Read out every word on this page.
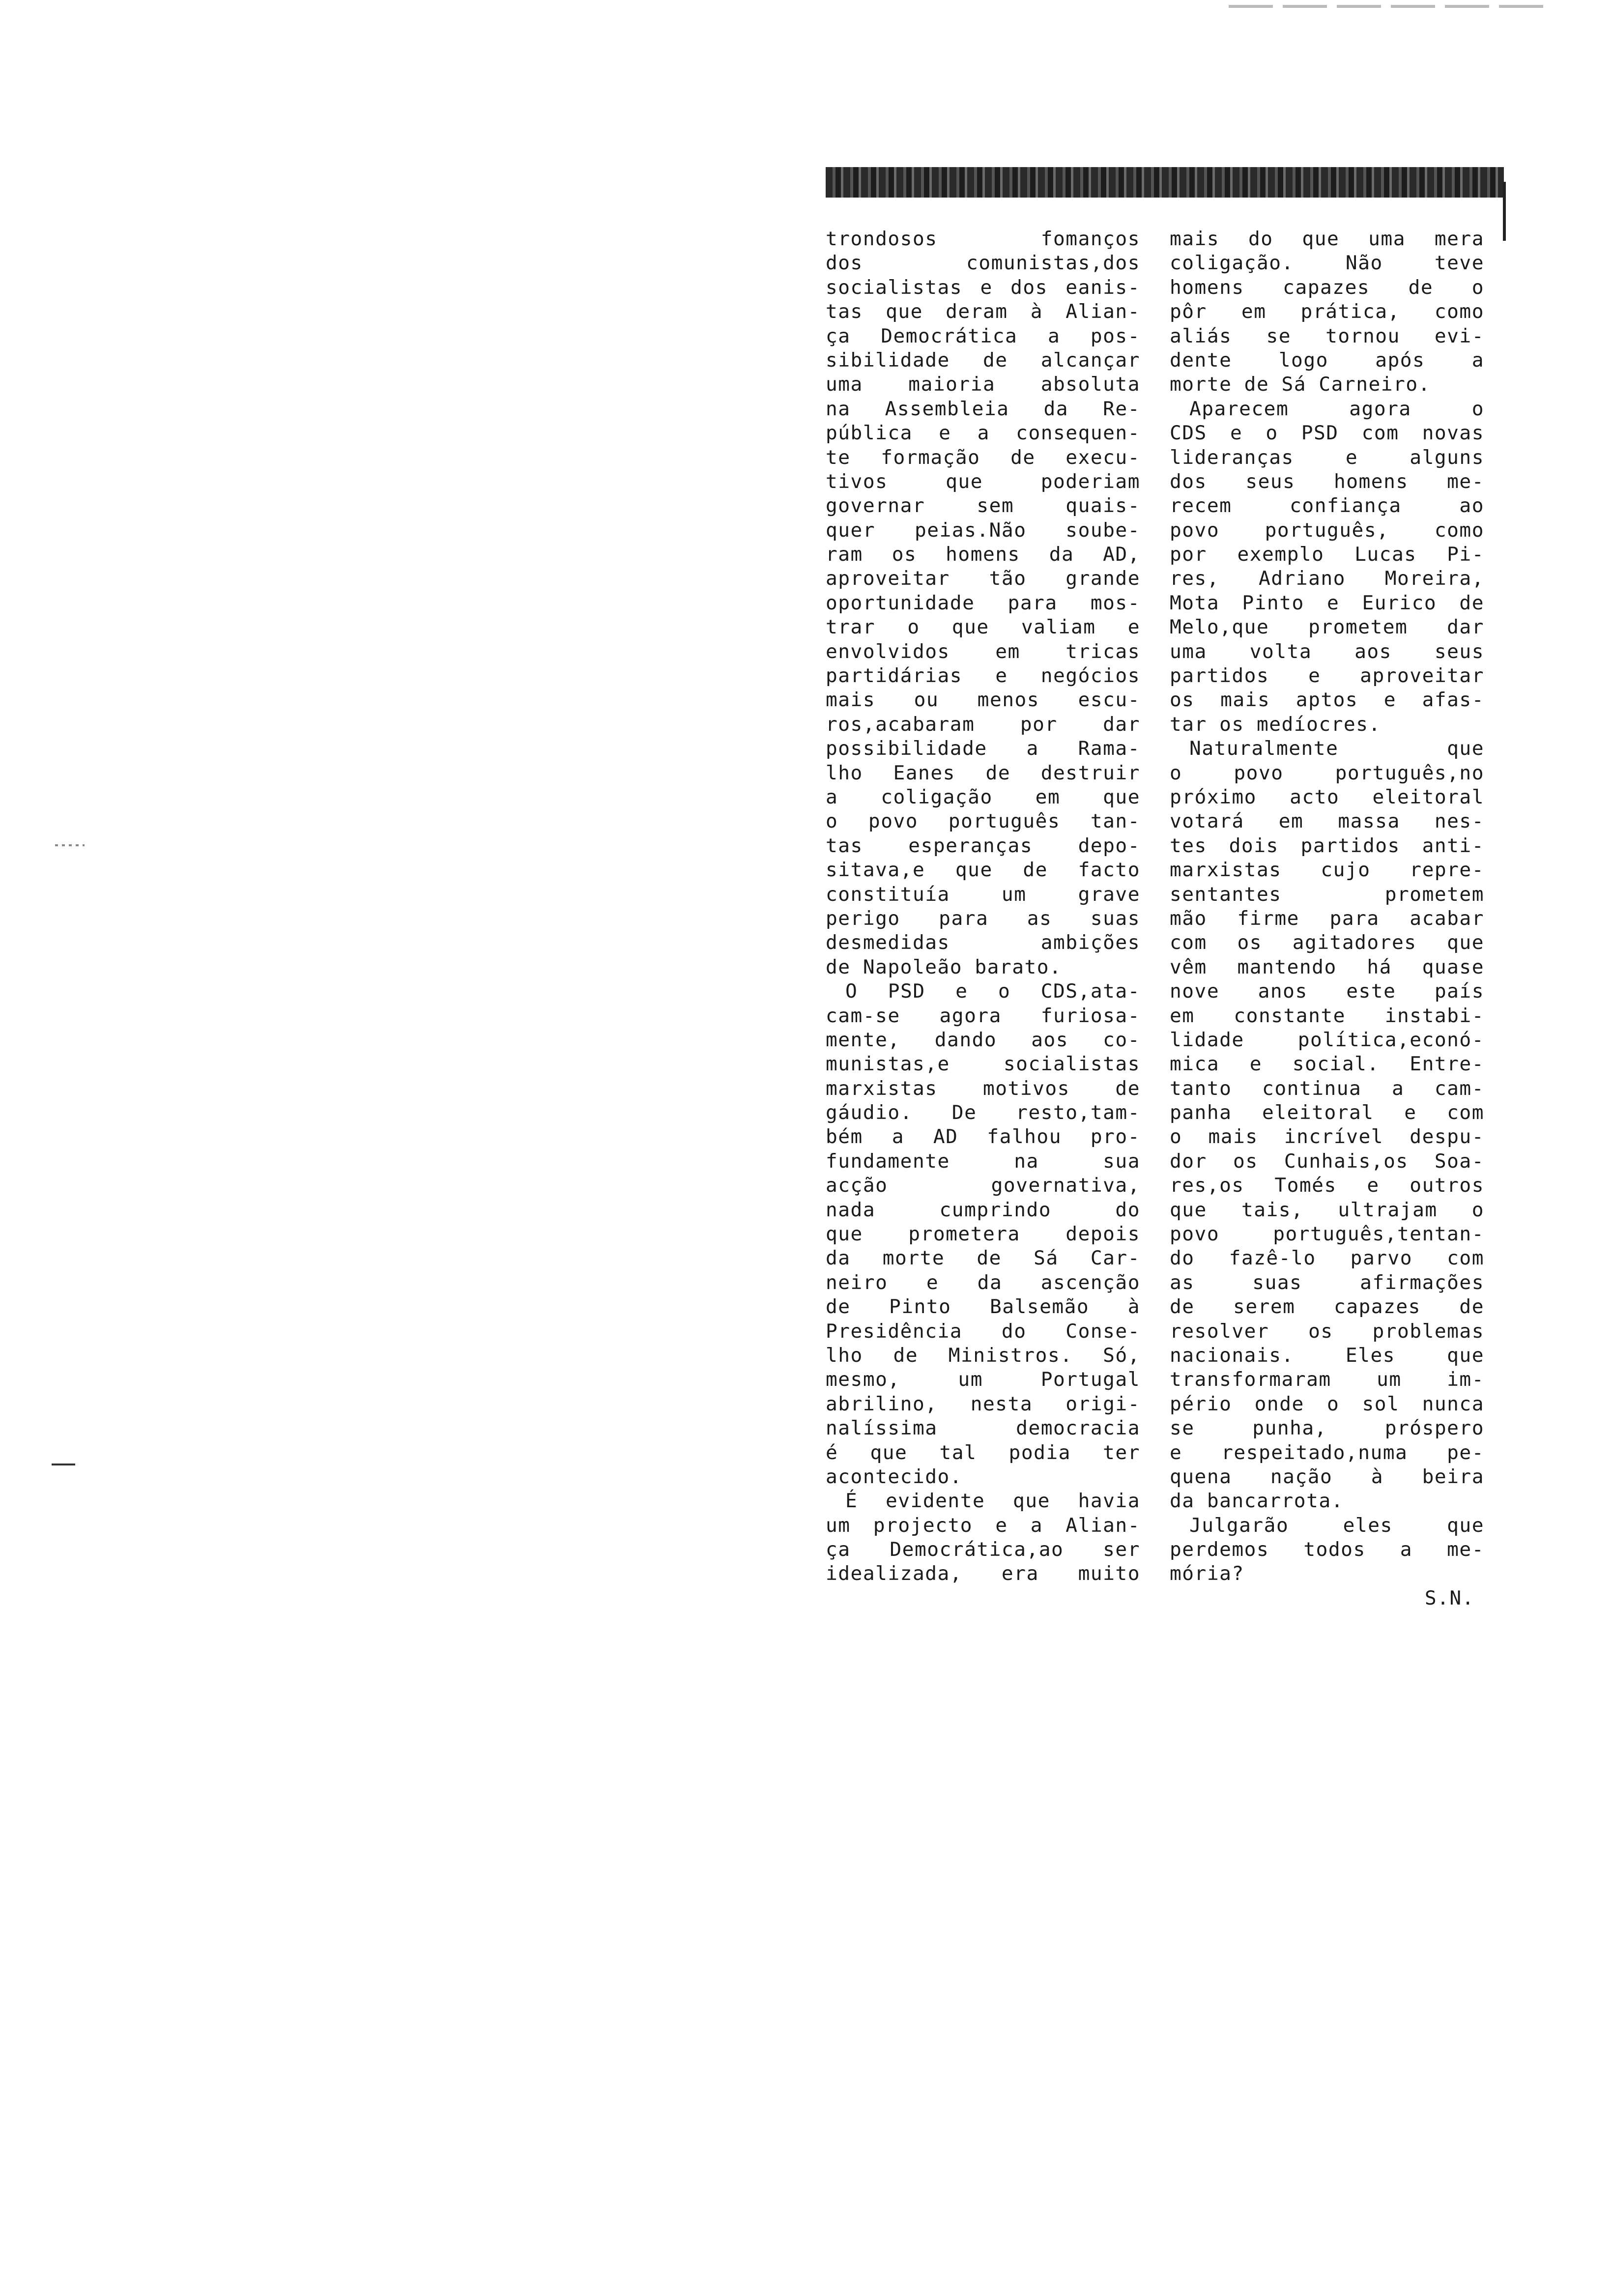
trondosos fomanços
dos comunistas,dos
socialistas e dos eanis-
tas que deram à Alian-
ça Democrática a pos-
sibilidade de alcançar
uma maioria absoluta
na Assembleia da Re-
pública e a consequen-
te formação de execu-
tivos que poderiam
governar sem quais-
quer peias.Não soube-
ram os homens da AD,
aproveitar tão grande
oportunidade para mos-
trar o que valiam e
envolvidos em tricas
partidárias e negócios
mais ou menos escu-
ros,acabaram por dar
possibilidade a Rama-
lho Eanes de destruir
a coligação em que
o povo português tan-
tas esperanças depo-
sitava,e que de facto
constituía um grave
perigo para as suas
desmedidas ambições
de Napoleão barato.
O PSD e o CDS,ata-
cam-se agora furiosa-
mente, dando aos co-
munistas,e socialistas
marxistas motivos de
gáudio. De resto,tam-
bém a AD falhou pro-
fundamente na sua
acção governativa,
nada cumprindo do
que prometera depois
da morte de Sá Car-
neiro e da ascenção
de Pinto Balsemão à
Presidência do Conse-
lho de Ministros. Só,
mesmo, um Portugal
abrilino, nesta origi-
nalíssima democracia
é que tal podia ter
acontecido.
É evidente que havia
um projecto e a Alian-
ça Democrática,ao ser
idealizada, era muito
mais do que uma mera
coligação. Não teve
homens capazes de o
pôr em prática, como
aliás se tornou evi-
dente logo após a
morte de Sá Carneiro.
Aparecem agora o
CDS e o PSD com novas
lideranças e alguns
dos seus homens me-
recem confiança ao
povo português, como
por exemplo Lucas Pi-
res, Adriano Moreira,
Mota Pinto e Eurico de
Melo,que prometem dar
uma volta aos seus
partidos e aproveitar
os mais aptos e afas-
tar os medíocres.
Naturalmente que
o povo português,no
próximo acto eleitoral
votará em massa nes-
tes dois partidos anti-
marxistas cujo repre-
sentantes prometem
mão firme para acabar
com os agitadores que
vêm mantendo há quase
nove anos este país
em constante instabi-
lidade política,econó-
mica e social. Entre-
tanto continua a cam-
panha eleitoral e com
o mais incrível despu-
dor os Cunhais,os Soa-
res,os Tomés e outros
que tais, ultrajam o
povo português,tentan-
do fazê-lo parvo com
as suas afirmações
de serem capazes de
resolver os problemas
nacionais. Eles que
transformaram um im-
pério onde o sol nunca
se punha, próspero
e respeitado,numa pe-
quena nação à beira
da bancarrota.
Julgarão eles que
perdemos todos a me-
mória?
S.N.
